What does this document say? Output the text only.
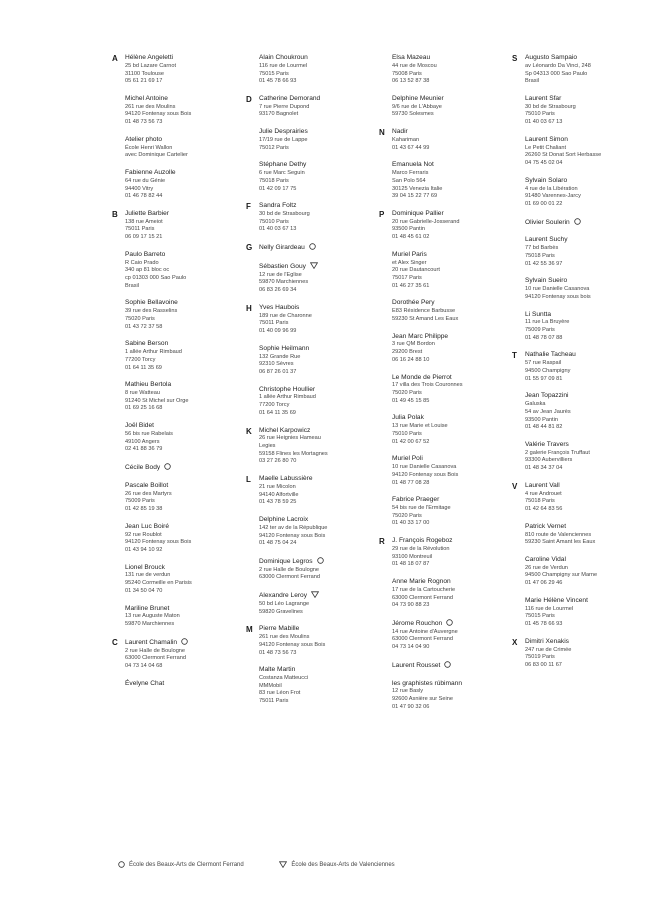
A Hélène Angeletti
25 bd Lazare Carnot
31100 Toulouse
05 61 21 69 17
Michel Antoine
261 rue des Moulins
94120 Fontenay sous Bois
01 48 73 56 73
Atelier photo
École Henri Wallon
avec Dominique Cartelier
Fabienne Auzolle
64 rue du Génie
94400 Vitry
01 46 78 82 44
B Juliette Barbier
138 rue Ameiot
75011 Paris
06 09 17 15 21
Paulo Barreto
R Caio Prado
340 ap 81 bloc oc
cp 01303 000 Sao Paulo
Brasil
Sophie Bellavoine
39 rue des Rasselins
75020 Paris
01 43 72 37 58
Sabine Berson
1 allée Arthur Rimbaud
77200 Torcy
01 64 11 35 69
Mathieu Bertola
8 rue Watteau
91240 St Michel sur Orge
01 69 25 16 68
Joël Bidet
56 bis rue Rabelais
49100 Angers
02 41 88 36 79
Cécile Body
Pascale Boillot
26 rue des Martyrs
75009 Paris
01 42 85 19 38
Jean Luc Boiré
92 rue Roublot
94120 Fontenay sous Bois
01 43 94 10 92
Lionel Brouck
131 rue de verdun
95240 Cormeille en Parisis
01 34 50 04 70
Mariline Brunet
13 rue Auguste Maton
59870 Marchiennes
C Laurent Chamalin
2 rue Halle de Boulogne
63000 Clermont Ferrand
04 73 14 04 68
Évelyne Chat
Alain Choukroun
116 rue de Lourmel
75015 Paris
01 45 78 66 93
D Catherine Demorand
7 rue Pierre Dupond
93170 Bagnolet
Julie Desprairies
17/19 rue de Lappe
75012 Paris
Stéphane Dethy
6 rue Marc Seguin
75018 Paris
01 42 09 17 75
F Sandra Foltz
30 bd de Strasbourg
75010 Paris
01 40 03 67 13
G Nelly Girardeau
Sébastien Gouy
12 rue de l'Eglise
59870 Marchiennes
06 83 26 69 34
H Yves Haubois
189 rue de Charonne
75011 Paris
01 40 09 96 99
Sophie Heilmann
132 Grande Rue
92310 Sèvres
06 87 26 01 37
Christophe Houllier
1 allée Arthur Rimbaud
77200 Torcy
01 64 11 35 69
K Michel Karpowicz
26 rue Heignies Hameau
Legies
59158 Flines les Mortagnes
03 27 26 80 70
L Maelle Labussière
21 rue Micolon
94140 Alfortville
01 43 78 59 25
Delphine Lacroix
142 ter av de la République
94120 Fontenay sous Bois
01 48 75 04 24
Dominique Legros
2 rue Halle de Boulogne
63000 Clermont Ferrand
Alexandre Leroy
50 bd Léo Lagrange
59820 Gravelines
M Pierre Mabille
261 rue des Moulins
94120 Fontenay sous Bois
01 48 73 56 73
Malte Martin
Costanza Matteucci
MMMobil
83 rue Léon Frot
75011 Paris
Elsa Mazeau
44 rue de Moscou
75008 Paris
06 13 52 87 38
Delphine Meunier
9/6 rue de L'Abbaye
59730 Solesmes
N Nadir
Kahariman
01 43 67 44 99
Emanuela Not
Marco Ferraris
San Polo 564
30125 Venezia Italie
39 04 15 22 77 69
P Dominique Pallier
20 rue Gabrielle-Josserand
93500 Pantin
01 48 45 61 02
Muriel Paris
et Alex Singer
20 rue Dautancourt
75017 Paris
01 46 27 35 61
Dorothée Pery
E83 Résidence Barbusse
59230 St Amand Les Eaux
Jean Marc Philippe
3 rue QM Bordon
29200 Brest
06 16 24 88 10
Le Monde de Pierrot
17 villa des Trois Couronnes
75020 Paris
01 49 45 15 85
Julia Polak
13 rue Marie et Louise
75010 Paris
01 42 00 67 52
Muriel Poli
10 rue Danielle Casanova
94120 Fontenay sous Bois
01 48 77 08 28
Fabrice Praeger
54 bis rue de l'Ermitage
75020 Paris
01 40 33 17 00
R J. François Rogeboz
29 rue de la Révolution
93100 Montreuil
01 48 18 07 87
Anne Marie Rognon
17 rue de la Cartoucherie
63000 Clermont Ferrand
04 73 90 88 23
Jérome Rouchon
14 rue Antoine d'Auvergne
63000 Clermont Ferrand
04 73 14 04 90
Laurent Rousset
les graphistes rúbimann
12 rue Basly
92600 Asnière sur Seine
01 47 90 32 06
S Augusto Sampaio
av Léonardo Da Vinci, 248
Sp 04313 000 Sao Paulo
Brasil
Laurent Sfar
30 bd de Strasbourg
75010 Paris
01 40 03 67 13
Laurent Simon
Le Petit Chaliant
26260 St Donat Sort Herbasse
04 75 45 02 04
Sylvain Solaro
4 rue de la Libération
91480 Varennes-Jarcy
01 69 00 01 22
Olivier Soulerin
Laurent Suchy
77 bd Barbès
75018 Paris
01 42 55 36 97
Sylvain Sueiro
10 rue Danielle Casanova
94120 Fontenay sous bois
Li Suntta
11 rue La Bruyère
75009 Paris
01 48 78 07 88
T Nathalie Tacheau
57 rue Raspail
94500 Champigny
01 55 97 09 81
Jean Topazzini
Galuska
54 av Jean Jaurès
93500 Pantin
01 48 44 81 82
Valérie Travers
2 galerie François Truffaut
93300 Aubervilliers
01 48 34 37 04
V Laurent Vall
4 rue Androuet
75018 Paris
01 42 64 83 56
Patrick Vernet
810 route de Valenciennes
59230 Saint Amant les Eaux
Caroline Vidal
26 rue de Verdun
94500 Champigny sur Marne
01 47 06 29 46
Marie Hélène Vincent
116 rue de Lourmel
75015 Paris
01 45 78 66 93
X Dimitri Xenakis
247 rue de Crimée
75019 Paris
06 83 00 11 67
École des Beaux-Arts de Clermont Ferrand
	École des Beaux-Arts de Valenciennes
